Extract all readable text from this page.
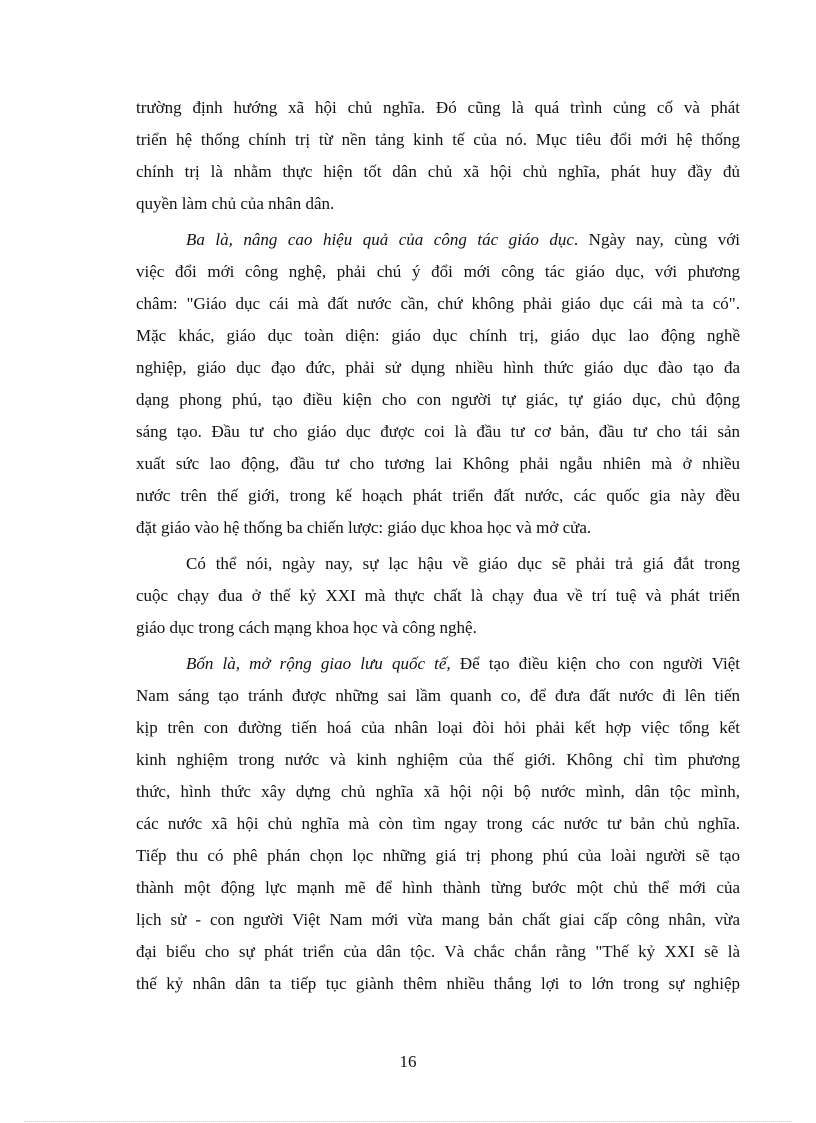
trường định hướng xã hội chủ nghĩa. Đó cũng là quá trình củng cố và phát
triển hệ thống chính trị từ nền tảng kinh tế của nó. Mục tiêu đổi mới hệ thống
chính trị là nhằm thực hiện tốt dân chủ xã hội chủ nghĩa, phát huy đầy đủ
quyền làm chủ của nhân dân.
Ba là, nâng cao hiệu quả của công tác giáo dục. Ngày nay, cùng với
việc đổi mới công nghệ, phải chú ý đổi mới công tác giáo dục, với phương
châm: "Giáo dục cái mà đất nước cần, chứ không phải giáo dục cái mà ta có".
Mặc khác, giáo dục toàn diện: giáo dục chính trị, giáo dục lao động nghề
nghiệp, giáo dục đạo đức, phải sử dụng nhiều hình thức giáo dục đào tạo đa
dạng phong phú, tạo điều kiện cho con người tự giác, tự giáo dục, chủ động
sáng tạo. Đầu tư cho giáo dục được coi là đầu tư cơ bản, đầu tư cho tái sản
xuất sức lao động, đầu tư cho tương lai Không phải ngẫu nhiên mà ở nhiều
nước trên thế giới, trong kế hoạch phát triển đất nước, các quốc gia này đều
đặt giáo vào hệ thống ba chiến lược: giáo dục khoa học và mở cửa.
Có thể nói, ngày nay, sự lạc hậu về giáo dục sẽ phải trả giá đắt trong
cuộc chạy đua ở thế kỷ XXI mà thực chất là chạy đua về trí tuệ và phát triển
giáo dục trong cách mạng khoa học và công nghệ.
Bốn là, mở rộng giao lưu quốc tế, Để tạo điều kiện cho con người Việt
Nam sáng tạo tránh được những sai lầm quanh co, để đưa đất nước đi lên tiến
kịp trên con đường tiến hoá của nhân loại đòi hỏi phải kết hợp việc tổng kết
kinh nghiệm trong nước và kinh nghiệm của thế giới. Không chỉ tìm phương
thức, hình thức xây dựng chủ nghĩa xã hội nội bộ nước mình, dân tộc mình,
các nước xã hội chủ nghĩa mà còn tìm ngay trong các nước tư bản chủ nghĩa.
Tiếp thu có phê phán chọn lọc những giá trị phong phú của loài người sẽ tạo
thành một động lực mạnh mẽ để hình thành từng bước một chủ thể mới của
lịch sử - con người Việt Nam mới vừa mang bản chất giai cấp công nhân, vừa
đại biểu cho sự phát triển của dân tộc. Và chắc chắn rằng "Thế kỷ XXI sẽ là
thế kỷ nhân dân ta tiếp tục giành thêm nhiều thắng lợi to lớn trong sự nghiệp
16
